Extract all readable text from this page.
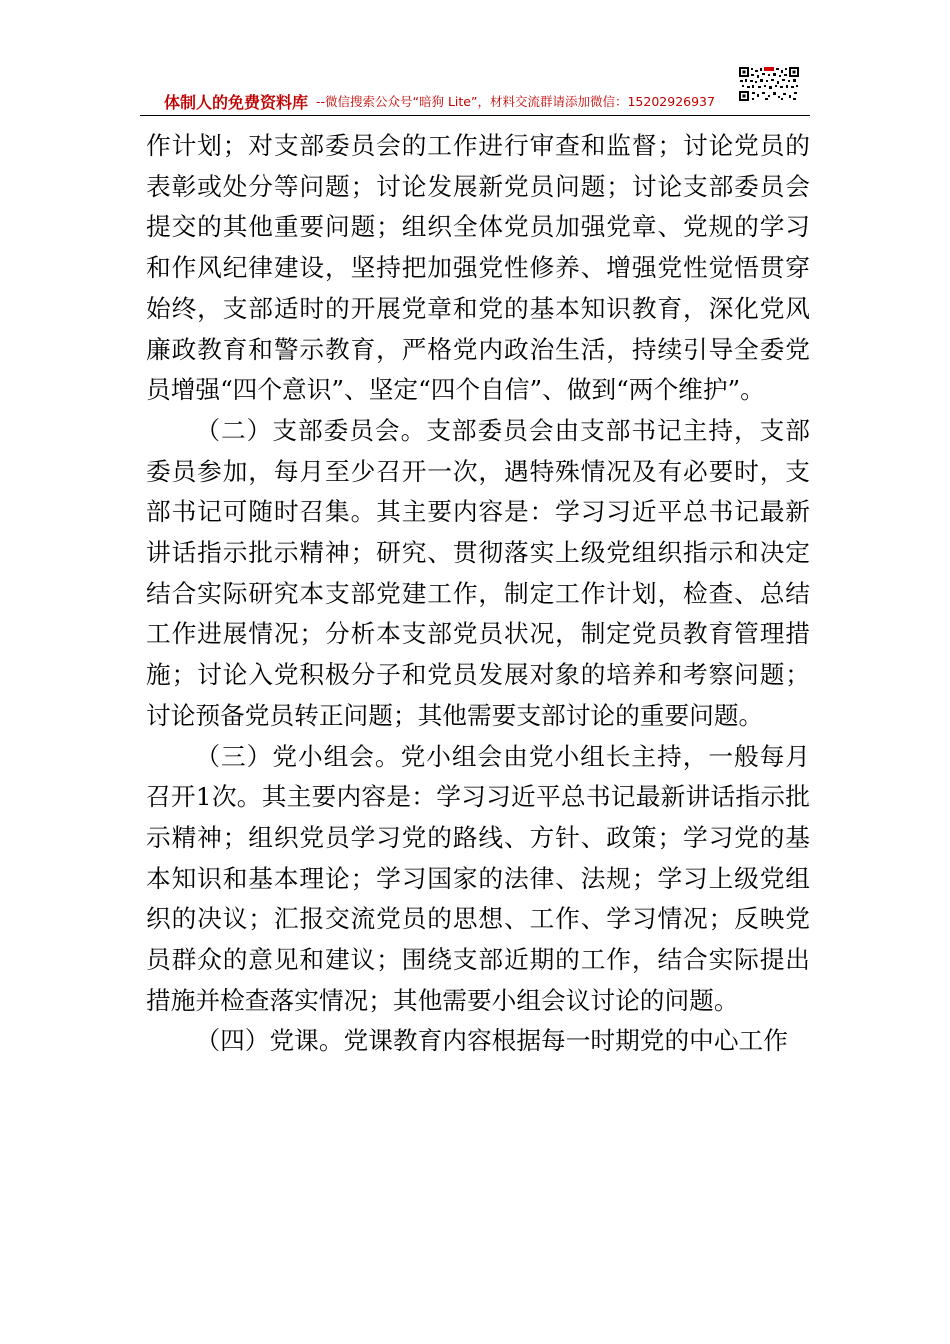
体制人的免费资料库 --微信搜索公众号“暗狗 Lite”，材料交流群请添加微信：15202926937

作计划；对支部委员会的工作进行审查和监督；讨论党员的表彰或处分等问题；讨论发展新党员问题；讨论支部委员会提交的其他重要问题；组织全体党员加强党章、党规的学习和作风纪律建设，坚持把加强党性修养、增强党性觉悟贯穿始终，支部适时的开展党章和党的基本知识教育，深化党风廉政教育和警示教育，严格党内政治生活，持续引导全委党员增强“四个意识”、坚定“四个自信”、做到“两个维护”。

（二）支部委员会。支部委员会由支部书记主持，支部委员参加，每月至少召开一次，遇特殊情况及有必要时，支部书记可随时召集。其主要内容是：学习习近平总书记最新讲话指示批示精神；研究、贯彻落实上级党组织指示和决定结合实际研究本支部党建工作，制定工作计划，检查、总结工作进展情况；分析本支部党员状况，制定党员教育管理措施；讨论入党积极分子和党员发展对象的培养和考察问题；讨论预备党员转正问题；其他需要支部讨论的重要问题。

（三）党小组会。党小组会由党小组长主持，一般每月召开1次。其主要内容是：学习习近平总书记最新讲话指示批示精神；组织党员学习党的路线、方针、政策；学习党的基本知识和基本理论；学习国家的法律、法规；学习上级党组织的决议；汇报交流党员的思想、工作、学习情况；反映党员群众的意见和建议；围绕支部近期的工作，结合实际提出措施并检查落实情况；其他需要小组会议讨论的问题。

（四）党课。党课教育内容根据每一时期党的中心工作
